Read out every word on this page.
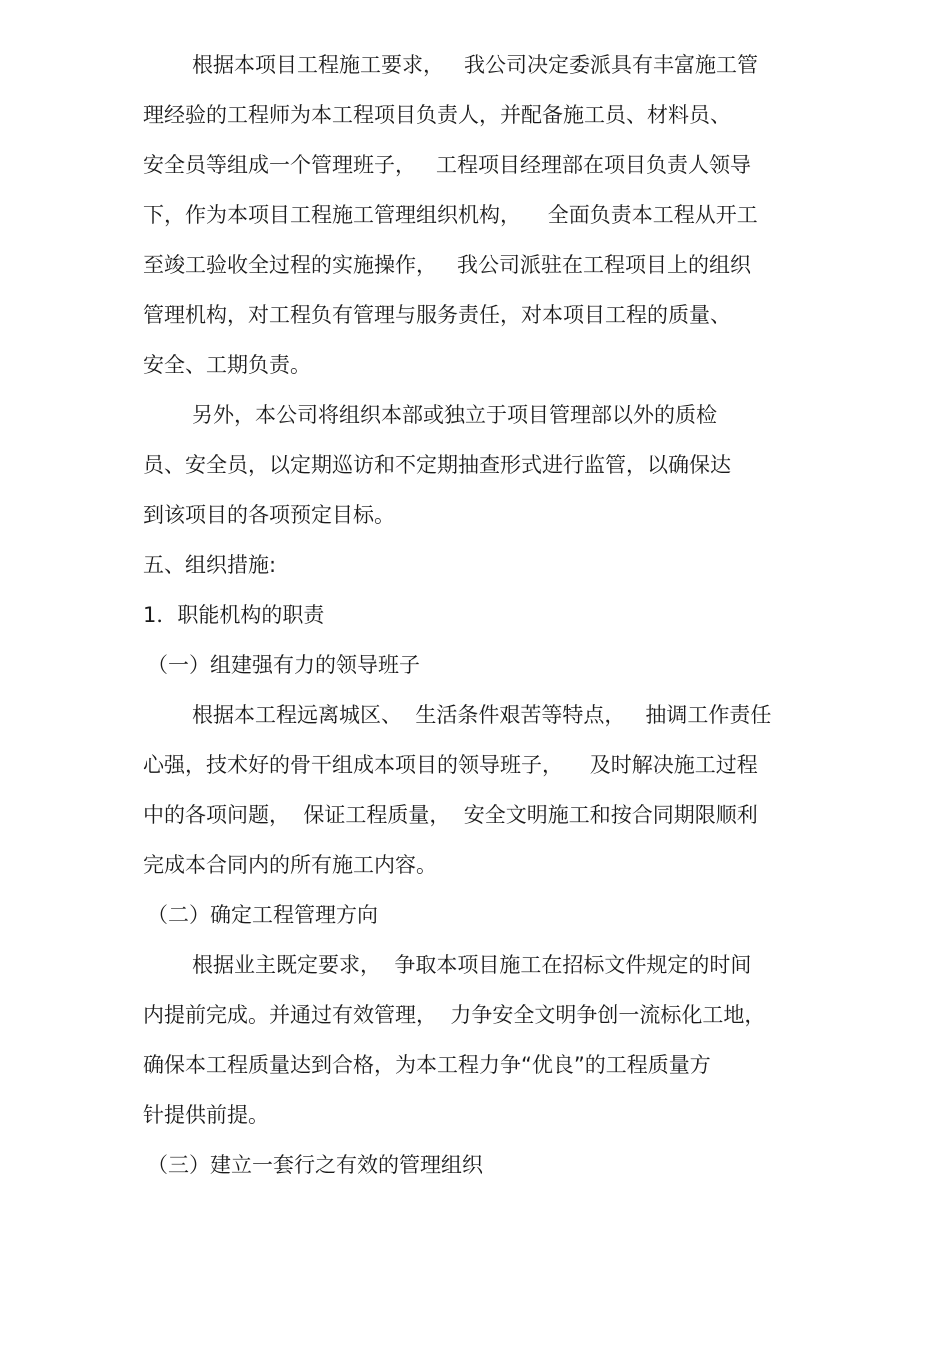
根据本项目工程施工要求，   我公司决定委派具有丰富施工管
理经验的工程师为本工程项目负责人，并配备施工员、材料员、
安全员等组成一个管理班子，   工程项目经理部在项目负责人领导
下，作为本项目工程施工管理组织机构，    全面负责本工程从开工
至竣工验收全过程的实施操作，   我公司派驻在工程项目上的组织
管理机构，对工程负有管理与服务责任，对本项目工程的质量、
安全、工期负责。
另外，本公司将组织本部或独立于项目管理部以外的质检
员、安全员，以定期巡访和不定期抽查形式进行监管，以确保达
到该项目的各项预定目标。
五、组织措施:
1．职能机构的职责
（一）组建强有力的领导班子
根据本工程远离城区、  生活条件艰苦等特点，   抽调工作责任
心强，技术好的骨干组成本项目的领导班子，    及时解决施工过程
中的各项问题，  保证工程质量，  安全文明施工和按合同期限顺利
完成本合同内的所有施工内容。
（二）确定工程管理方向
根据业主既定要求，  争取本项目施工在招标文件规定的时间
内提前完成。并通过有效管理，  力争安全文明争创一流标化工地，
确保本工程质量达到合格，为本工程力争“优良”的工程质量方
针提供前提。
（三）建立一套行之有效的管理组织
